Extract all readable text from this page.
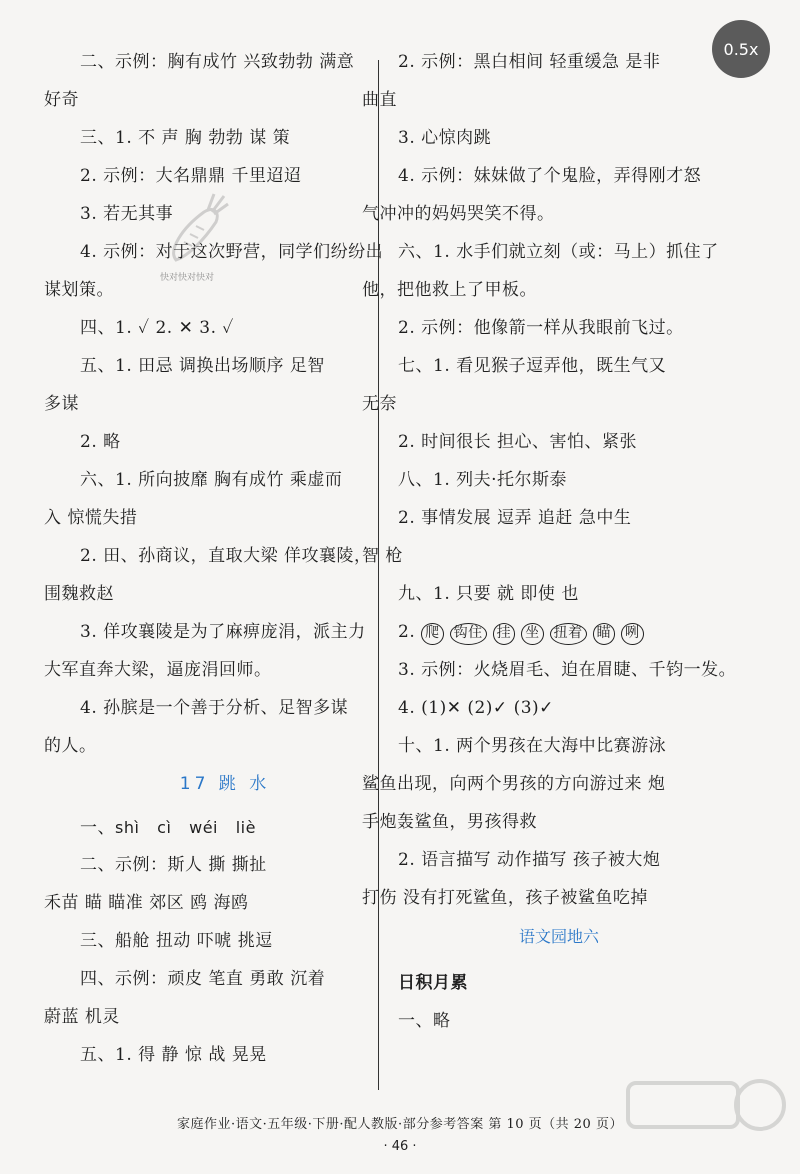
0.5x
快对快对快对
二、示例：胸有成竹 兴致勃勃 满意
好奇
三、1. 不 声 胸 勃勃 谋 策
2. 示例：大名鼎鼎 千里迢迢
3. 若无其事
4. 示例：对于这次野营，同学们纷纷出
谋划策。
四、1. ✓ 2. ✕ 3. ✓
五、1. 田忌 调换出场顺序 足智
多谋
2. 略
六、1. 所向披靡 胸有成竹 乘虚而
入 惊慌失措
2. 田、孙商议，直取大梁 佯攻襄陵，
围魏救赵
3. 佯攻襄陵是为了麻痹庞涓，派主力
大军直奔大梁，逼庞涓回师。
4. 孙膑是一个善于分析、足智多谋
的人。
17 跳 水
一、shì cì wéi liè
二、示例：斯人 撕 撕扯
禾苗 瞄 瞄准 郊区 鸥 海鸥
三、船舱 扭动 吓唬 挑逗
四、示例：顽皮 笔直 勇敢 沉着
蔚蓝 机灵
五、1. 得 静 惊 战 晃晃
2. 示例：黑白相间 轻重缓急 是非
曲直
3. 心惊肉跳
4. 示例：妹妹做了个鬼脸，弄得刚才怒
气冲冲的妈妈哭笑不得。
六、1. 水手们就立刻（或：马上）抓住了
他，把他救上了甲板。
2. 示例：他像箭一样从我眼前飞过。
七、1. 看见猴子逗弄他，既生气又
无奈
2. 时间很长 担心、害怕、紧张
八、1. 列夫·托尔斯泰
2. 事情发展 逗弄 追赶 急中生
智 枪
九、1. 只要 就 即使 也
2. 爬 钩住 挂 坐 扭着 瞄 咧
3. 示例：火烧眉毛、迫在眉睫、千钧一发。
4. (1)✕ (2)✓ (3)✓
十、1. 两个男孩在大海中比赛游泳
鲨鱼出现，向两个男孩的方向游过来 炮
手炮轰鲨鱼，男孩得救
2. 语言描写 动作描写 孩子被大炮
打伤 没有打死鲨鱼，孩子被鲨鱼吃掉
语文园地六
日积月累
一、略
家庭作业·语文·五年级·下册·配人教版·部分参考答案 第 10 页（共 20 页）
· 46 ·
